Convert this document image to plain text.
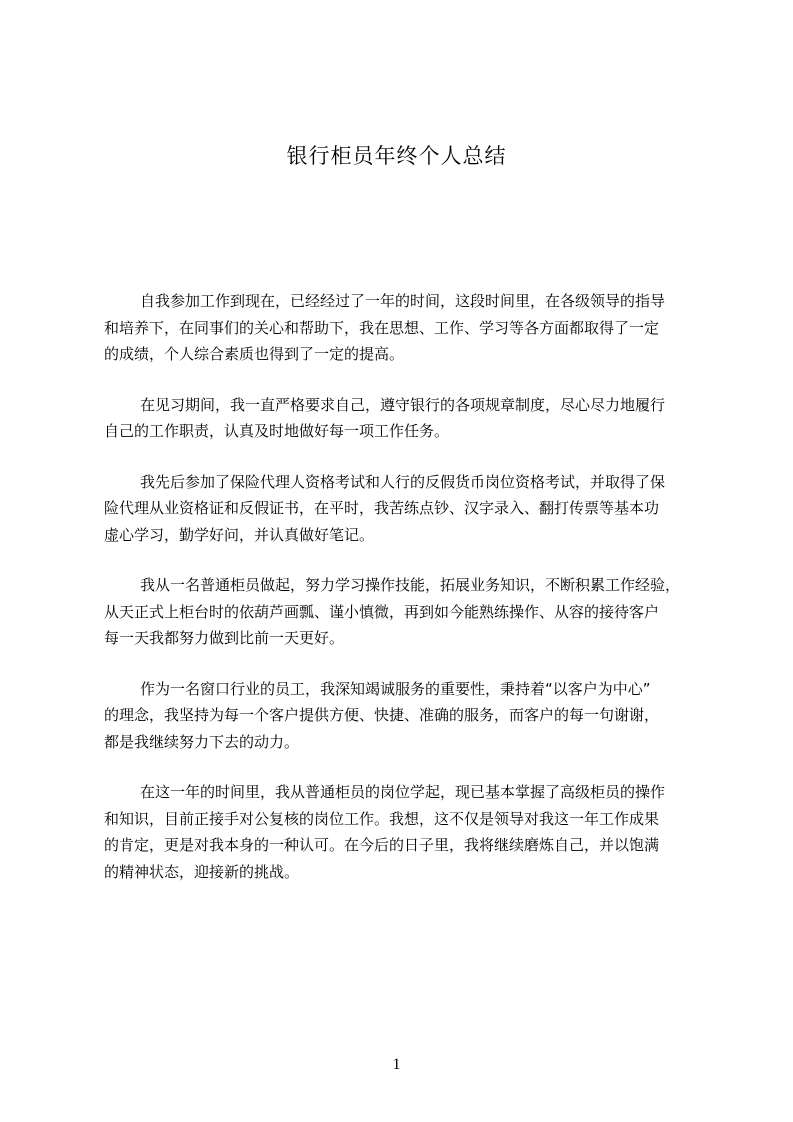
银行柜员年终个人总结
自我参加工作到现在，已经经过了一年的时间，这段时间里，在各级领导的指导
和培养下，在同事们的关心和帮助下，我在思想、工作、学习等各方面都取得了一定
的成绩，个人综合素质也得到了一定的提高。
在见习期间，我一直严格要求自己，遵守银行的各项规章制度，尽心尽力地履行
自己的工作职责，认真及时地做好每一项工作任务。
我先后参加了保险代理人资格考试和人行的反假货币岗位资格考试，并取得了保
险代理从业资格证和反假证书，在平时，我苦练点钞、汉字录入、翻打传票等基本功
虚心学习，勤学好问，并认真做好笔记。
我从一名普通柜员做起，努力学习操作技能，拓展业务知识，不断积累工作经验，
从天正式上柜台时的依葫芦画瓢、谨小慎微，再到如今能熟练操作、从容的接待客户
每一天我都努力做到比前一天更好。
作为一名窗口行业的员工，我深知竭诚服务的重要性，秉持着“以客户为中心”
的理念，我坚持为每一个客户提供方便、快捷、准确的服务，而客户的每一句谢谢，
都是我继续努力下去的动力。
在这一年的时间里，我从普通柜员的岗位学起，现已基本掌握了高级柜员的操作
和知识，目前正接手对公复核的岗位工作。我想，这不仅是领导对我这一年工作成果
的肯定，更是对我本身的一种认可。在今后的日子里，我将继续磨炼自己，并以饱满
的精神状态，迎接新的挑战。
1
